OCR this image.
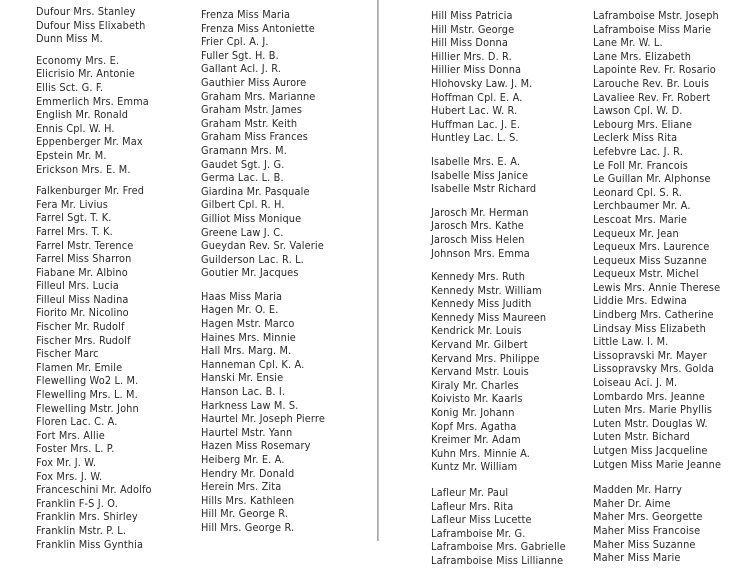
Dufour Mrs. Stanley
Dufour Miss Elixabeth
Dunn Miss M.
Economy Mrs. E.
Elicrisio Mr. Antonie
Ellis Sct. G. F.
Emmerlich Mrs. Emma
English Mr. Ronald
Ennis Cpl. W. H.
Eppenberger Mr. Max
Epstein Mr. M.
Erickson Mrs. E. M.
Falkenburger Mr. Fred
Fera Mr. Livius
Farrel Sgt. T. K.
Farrel Mrs. T. K.
Farrel Mstr. Terence
Farrel Miss Sharron
Fiabane Mr. Albino
Filleul Mrs. Lucia
Filleul Miss Nadina
Fiorito Mr. Nicolino
Fischer Mr. Rudolf
Fischer Mrs. Rudolf
Fischer Marc
Flamen Mr. Emile
Flewelling Wo2 L. M.
Flewelling Mrs. L. M.
Flewelling Mstr. John
Floren Lac. C. A.
Fort Mrs. Allie
Foster Mrs. L. P.
Fox Mr. J. W.
Fox Mrs. J. W.
Franceschini Mr. Adolfo
Franklin F-S J. O.
Franklin Mrs. Shirley
Franklin Mstr. P. L.
Franklin Miss Gynthia
Frenza Miss Maria
Frenza Miss Antoniette
Frier Cpl. A. J.
Fuller Sgt. H. B.
Gallant Acl. J. R.
Gauthier Miss Aurore
Graham Mrs. Marianne
Graham Mstr. James
Graham Mstr. Keith
Graham Miss Frances
Gramann Mrs. M.
Gaudet Sgt. J. G.
Germa Lac. L. B.
Giardina Mr. Pasquale
Gilbert Cpl. R. H.
Gilliot Miss Monique
Greene Law J. C.
Gueydan Rev. Sr. Valerie
Guilderson Lac. R. L.
Goutier Mr. Jacques
Haas Miss Maria
Hagen Mr. O. E.
Hagen Mstr. Marco
Haines Mrs. Minnie
Hall Mrs. Marg. M.
Hanneman Cpl. K. A.
Hanski Mr. Ensie
Hanson Lac. B. I.
Harkness Law M. S.
Haurtel Mr. Joseph Pierre
Haurtel Mstr. Yann
Hazen Miss Rosemary
Heiberg Mr. E. A.
Hendry Mr. Donald
Herein Mrs. Zita
Hills Mrs. Kathleen
Hill Mr. George R.
Hill Mrs. George R.
Hill Miss Patricia
Hill Mstr. George
Hill Miss Donna
Hillier Mrs. D. R.
Hillier Miss Donna
Hlohovsky Law. J. M.
Hoffman Cpl. E. A.
Hubert Lac. W. R.
Huffman Lac. J. E.
Huntley Lac. L. S.
Isabelle Mrs. E. A.
Isabelle Miss Janice
Isabelle Mstr Richard
Jarosch Mr. Herman
Jarosch Mrs. Kathe
Jarosch Miss Helen
Johnson Mrs. Emma
Kennedy Mrs. Ruth
Kennedy Mstr. William
Kennedy Miss Judith
Kennedy Miss Maureen
Kendrick Mr. Louis
Kervand Mr. Gilbert
Kervand Mrs. Philippe
Kervand Mstr. Louis
Kiraly Mr. Charles
Koivisto Mr. Kaarls
Konig Mr. Johann
Kopf Mrs. Agatha
Kreimer Mr. Adam
Kuhn Mrs. Minnie A.
Kuntz Mr. William
Lafleur Mr. Paul
Lafleur Mrs. Rita
Lafleur Miss Lucette
Laframboise Mr. G.
Laframboise Mrs. Gabrielle
Laframboise Miss Lillianne
Laframboise Mstr. Joseph
Laframboise Miss Marie
Lane Mr. W. L.
Lane Mrs. Elizabeth
Lapointe Rev. Fr. Rosario
Larouche Rev. Br. Louis
Lavaliee Rev. Fr. Robert
Lawson Cpl. W. D.
Lebourg Mrs. Eliane
Leclerk Miss Rita
Lefebvre Lac. J. R.
Le Foll Mr. Francois
Le Guillan Mr. Alphonse
Leonard Cpl. S. R.
Lerchbaumer Mr. A.
Lescoat Mrs. Marie
Lequeux Mr. Jean
Lequeux Mrs. Laurence
Lequeux Miss Suzanne
Lequeux Mstr. Michel
Lewis Mrs. Annie Therese
Liddie Mrs. Edwina
Lindberg Mrs. Catherine
Lindsay Miss Elizabeth
Little Law. I. M.
Lissopravski Mr. Mayer
Lissopravsky Mrs. Golda
Loiseau Aci. J. M.
Lombardo Mrs. Jeanne
Luten Mrs. Marie Phyllis
Luten Mstr. Douglas W.
Luten Mstr. Bichard
Lutgen Miss Jacqueline
Lutgen Miss Marie Jeanne
Madden Mr. Harry
Maher Dr. Aime
Maher Mrs. Georgette
Maher Miss Francoise
Maher Miss Suzanne
Maher Miss Marie
